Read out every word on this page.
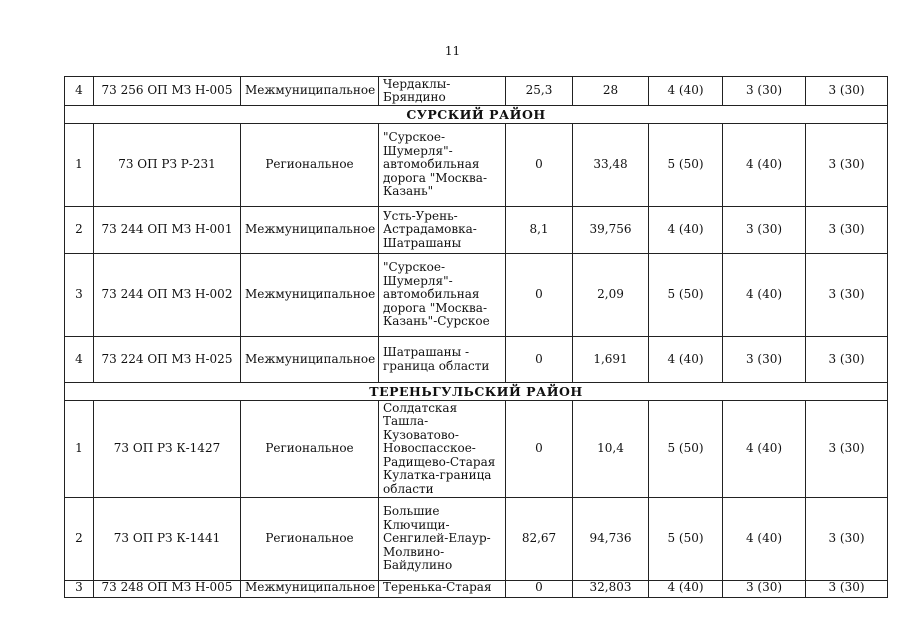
11
4	73 256 ОП МЗ Н-005	Межмуниципальное	Чердаклы-Бряндино	25,3	28	4 (40)	3 (30)	3 (30)
СУРСКИЙ РАЙОН								
1	73 ОП РЗ Р-231	Региональное	"Сурское-Шумерля"-автомобильная дорога "Москва-Казань"	0	33,48	5 (50)	4 (40)	3 (30)
2	73 244 ОП МЗ Н-001	Межмуниципальное	Усть-Урень-Астрадамовка-Шатрашаны	8,1	39,756	4 (40)	3 (30)	3 (30)
3	73 244 ОП МЗ Н-002	Межмуниципальное	"Сурское-Шумерля"-автомобильная дорога "Москва-Казань"-Сурское	0	2,09	5 (50)	4 (40)	3 (30)
4	73 224 ОП МЗ Н-025	Межмуниципальное	Шатрашаны - граница области	0	1,691	4 (40)	3 (30)	3 (30)
ТЕРЕНЬГУЛЬСКИЙ РАЙОН								
1	73 ОП РЗ К-1427	Региональное	Солдатская Ташла-Кузоватово-Новоспасское-Радищево-Старая Кулатка-граница области	0	10,4	5 (50)	4 (40)	3 (30)
2	73 ОП РЗ К-1441	Региональное	Большие Ключищи-Сенгилей-Елаур-Молвино-Байдулино	82,67	94,736	5 (50)	4 (40)	3 (30)
3	73 248 ОП МЗ Н-005	Межмуниципальное	Теренька-Старая	0	32,803	4 (40)	3 (30)	3 (30)
